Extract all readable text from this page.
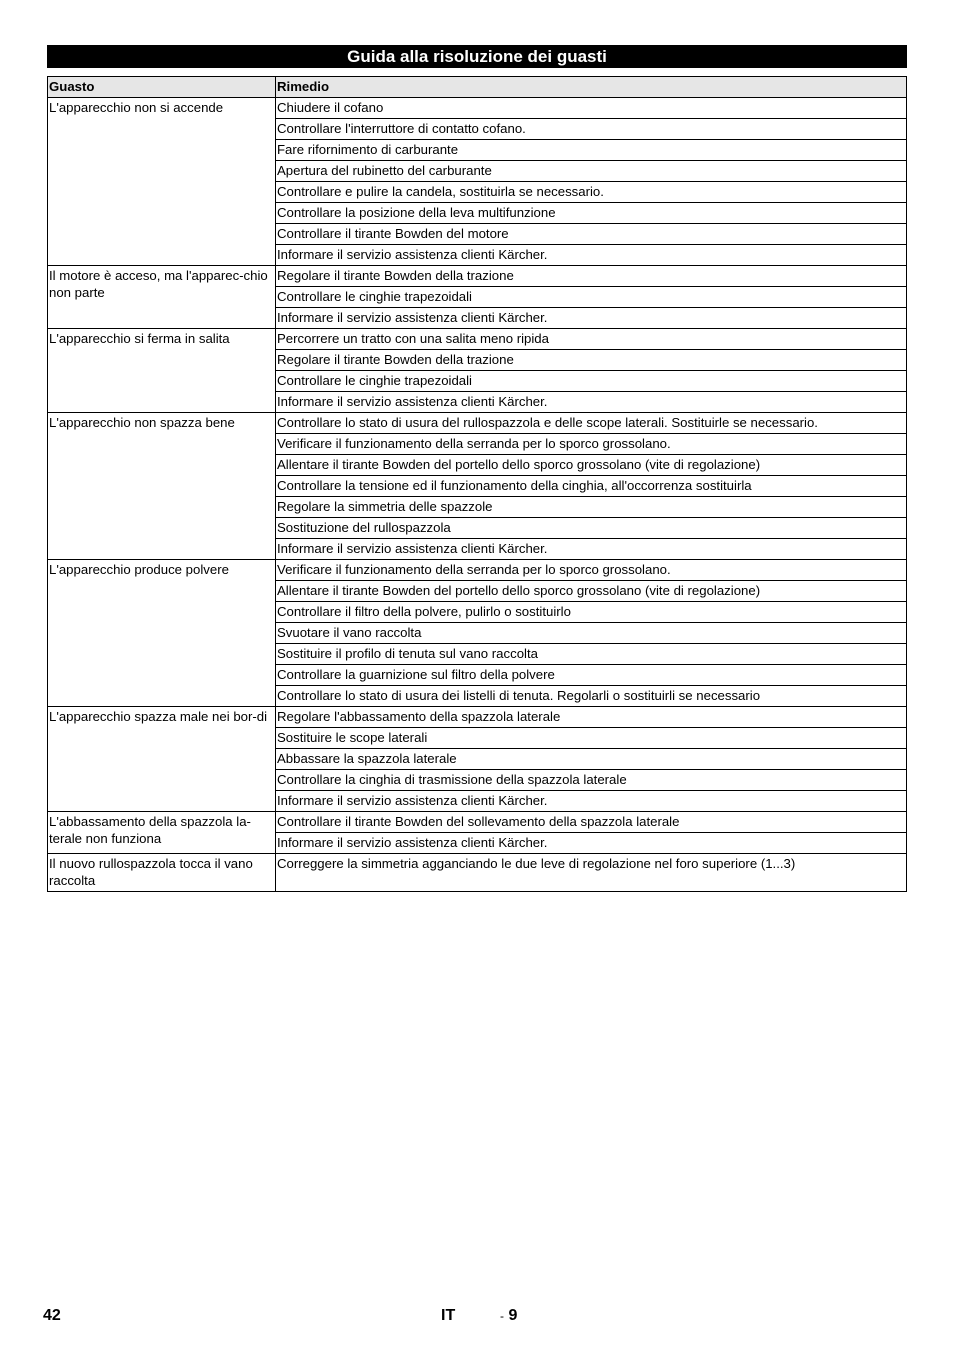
Guida alla risoluzione dei guasti
Guasto	Rimedio
L'apparecchio non si accende	Chiudere il cofano
	Controllare l'interruttore di contatto cofano.
	Fare rifornimento di carburante
	Apertura del rubinetto del carburante
	Controllare e pulire la candela, sostituirla se necessario.
	Controllare la posizione della leva multifunzione
	Controllare il tirante Bowden del motore
	Informare il servizio assistenza clienti Kärcher.
Il motore è acceso, ma l'apparec-chio non parte	Regolare il tirante Bowden della trazione
	Controllare le cinghie trapezoidali
	Informare il servizio assistenza clienti Kärcher.
L'apparecchio si ferma in salita	Percorrere un tratto con una salita meno ripida
	Regolare il tirante Bowden della trazione
	Controllare le cinghie trapezoidali
	Informare il servizio assistenza clienti Kärcher.
L'apparecchio non spazza bene	Controllare lo stato di usura del rullospazzola e delle scope laterali. Sostituirle se necessario.
	Verificare il funzionamento della serranda per lo sporco grossolano.
	Allentare il tirante Bowden del portello dello sporco grossolano (vite di regolazione)
	Controllare la tensione ed il funzionamento della cinghia, all'occorrenza sostituirla
	Regolare la simmetria delle spazzole
	Sostituzione del rullospazzola
	Informare il servizio assistenza clienti Kärcher.
L'apparecchio produce polvere	Verificare il funzionamento della serranda per lo sporco grossolano.
	Allentare il tirante Bowden del portello dello sporco grossolano (vite di regolazione)
	Controllare il filtro della polvere, pulirlo o sostituirlo
	Svuotare il vano raccolta
	Sostituire il profilo di tenuta sul vano raccolta
	Controllare la guarnizione sul filtro della polvere
	Controllare lo stato di usura dei listelli di tenuta. Regolarli o sostituirli se necessario
L'apparecchio spazza male nei bor-di	Regolare l'abbassamento della spazzola laterale
	Sostituire le scope laterali
	Abbassare la spazzola laterale
	Controllare la cinghia di trasmissione della spazzola laterale
	Informare il servizio assistenza clienti Kärcher.
L'abbassamento della spazzola la-terale non funziona	Controllare il tirante Bowden del sollevamento della spazzola laterale
	Informare il servizio assistenza clienti Kärcher.
Il nuovo rullospazzola tocca il vano raccolta	Correggere la simmetria agganciando le due leve di regolazione nel foro superiore (1...3)
42	IT	- 9
